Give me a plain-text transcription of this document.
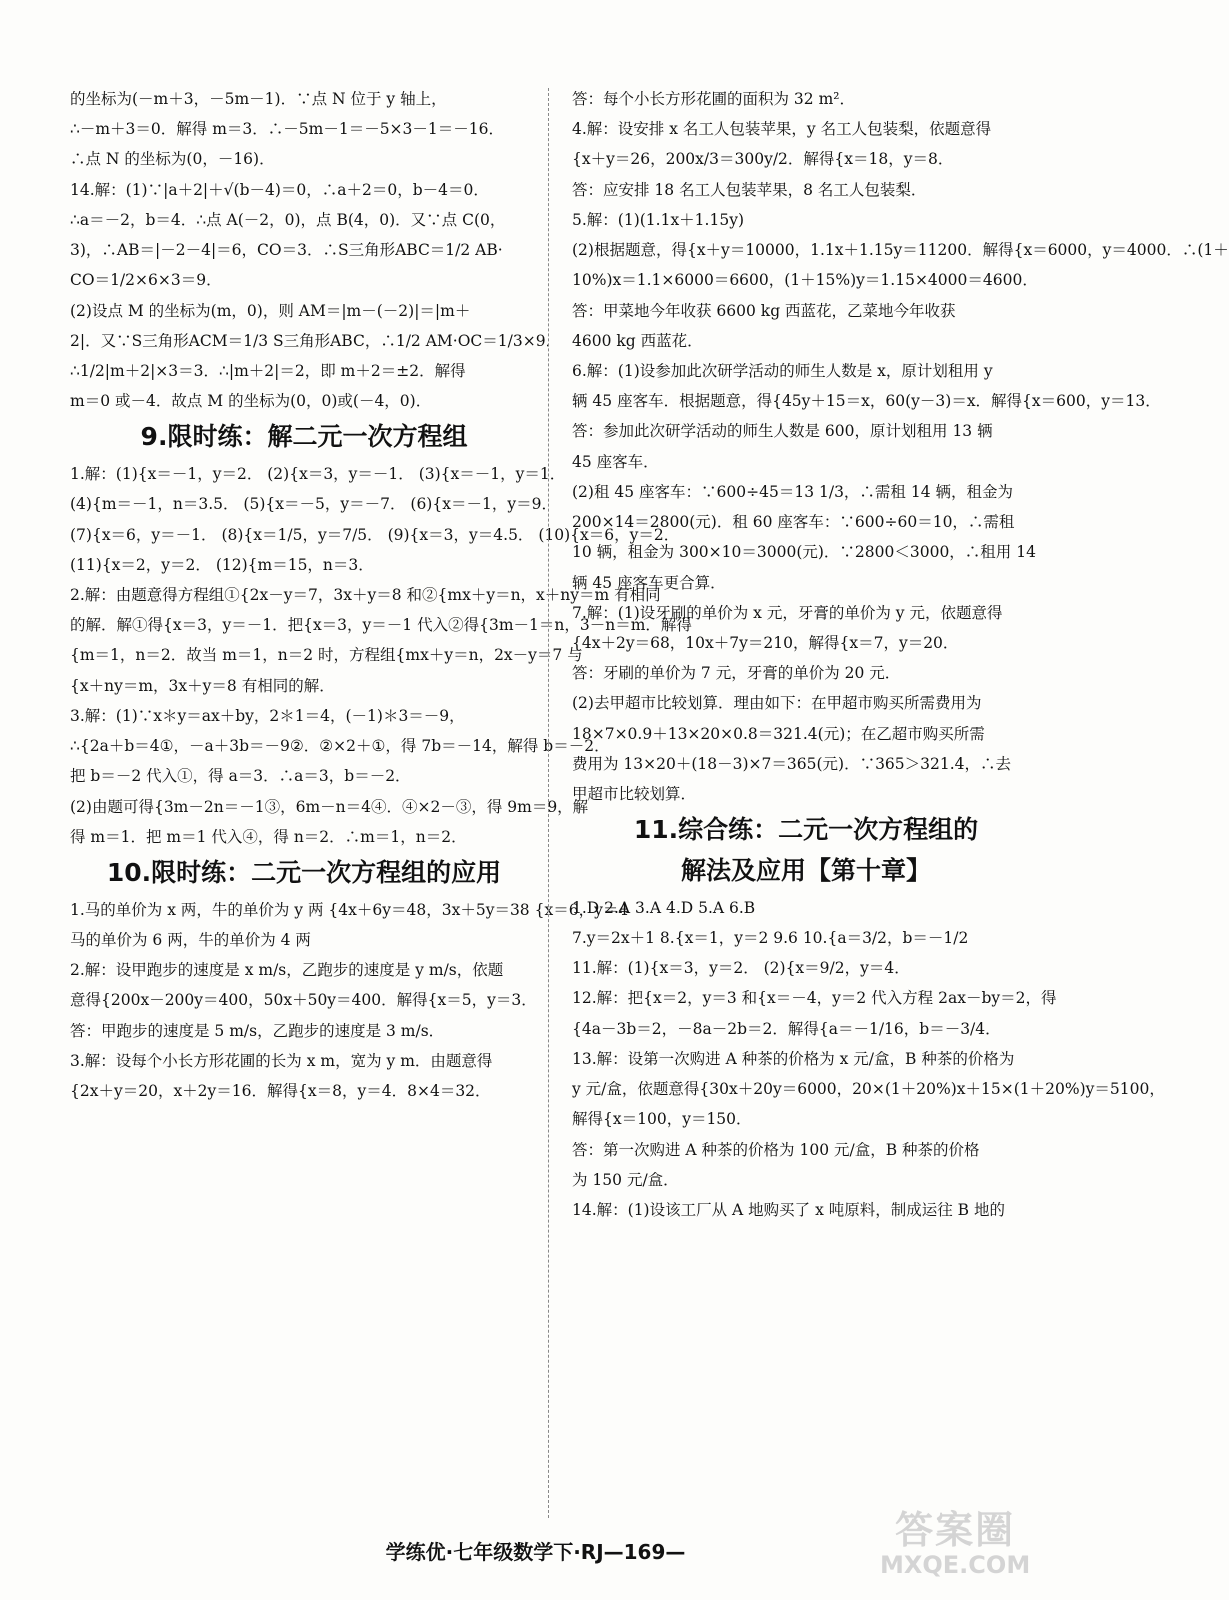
的坐标为(－m＋3，－5m－1)．∵点 N 位于 y 轴上，
∴－m＋3＝0．解得 m＝3．∴－5m－1＝－5×3－1＝－16．
∴点 N 的坐标为(0，－16)．
14.解：(1)∵|a＋2|＋√(b－4)＝0，∴a＋2＝0，b－4＝0．
∴a＝－2，b＝4．∴点 A(－2，0)，点 B(4，0)．又∵点 C(0，
3)，∴AB＝|－2－4|＝6，CO＝3．∴S三角形ABC＝1/2 AB·
CO＝1/2×6×3＝9．
(2)设点 M 的坐标为(m，0)，则 AM＝|m－(－2)|＝|m＋
2|．又∵S三角形ACM＝1/3 S三角形ABC，∴1/2 AM·OC＝1/3×9．
∴1/2|m＋2|×3＝3．∴|m＋2|＝2，即 m＋2＝±2．解得
m＝0 或－4．故点 M 的坐标为(0，0)或(－4，0)．
9.限时练：解二元一次方程组
1.解：(1){x＝－1，y＝2． (2){x＝3，y＝－1． (3){x＝－1，y＝1．
(4){m＝－1，n＝3.5． (5){x＝－5，y＝－7． (6){x＝－1，y＝9．
(7){x＝6，y＝－1． (8){x＝1/5，y＝7/5． (9){x＝3，y＝4.5． (10){x＝6，y＝2．
(11){x＝2，y＝2． (12){m＝15，n＝3．
2.解：由题意得方程组①{2x－y＝7，3x＋y＝8 和②{mx＋y＝n，x＋ny＝m 有相同
的解．解①得{x＝3，y＝－1．把{x＝3，y＝－1 代入②得{3m－1＝n，3－n＝m．解得
{m＝1，n＝2．故当 m＝1，n＝2 时，方程组{mx＋y＝n，2x－y＝7 与
{x＋ny＝m，3x＋y＝8 有相同的解．
3.解：(1)∵x＊y＝ax＋by，2＊1＝4，(－1)＊3＝－9，
∴{2a＋b＝4①，－a＋3b＝－9②．②×2＋①，得 7b＝－14，解得 b＝－2．
把 b＝－2 代入①，得 a＝3．∴a＝3，b＝－2．
(2)由题可得{3m－2n＝－1③，6m－n＝4④．④×2－③，得 9m＝9，解
得 m＝1．把 m＝1 代入④，得 n＝2．∴m＝1，n＝2．
10.限时练：二元一次方程组的应用
1.马的单价为 x 两，牛的单价为 y 两 {4x＋6y＝48，3x＋5y＝38 {x＝6，y＝4
马的单价为 6 两，牛的单价为 4 两
2.解：设甲跑步的速度是 x m/s，乙跑步的速度是 y m/s，依题
意得{200x－200y＝400，50x＋50y＝400．解得{x＝5，y＝3．
答：甲跑步的速度是 5 m/s，乙跑步的速度是 3 m/s．
3.解：设每个小长方形花圃的长为 x m，宽为 y m．由题意得
{2x＋y＝20，x＋2y＝16．解得{x＝8，y＝4．8×4＝32．
答：每个小长方形花圃的面积为 32 m²．
4.解：设安排 x 名工人包装苹果，y 名工人包装梨，依题意得
{x＋y＝26，200x/3＝300y/2．解得{x＝18，y＝8．
答：应安排 18 名工人包装苹果，8 名工人包装梨．
5.解：(1)(1.1x＋1.15y)
(2)根据题意，得{x＋y＝10000，1.1x＋1.15y＝11200．解得{x＝6000，y＝4000．∴(1＋
10%)x＝1.1×6000＝6600，(1＋15%)y＝1.15×4000＝4600．
答：甲菜地今年收获 6600 kg 西蓝花，乙菜地今年收获
4600 kg 西蓝花．
6.解：(1)设参加此次研学活动的师生人数是 x，原计划租用 y
辆 45 座客车．根据题意，得{45y＋15＝x，60(y－3)＝x．解得{x＝600，y＝13．
答：参加此次研学活动的师生人数是 600，原计划租用 13 辆
45 座客车．
(2)租 45 座客车：∵600÷45＝13 1/3，∴需租 14 辆，租金为
200×14＝2800(元)．租 60 座客车：∵600÷60＝10，∴需租
10 辆，租金为 300×10＝3000(元)．∵2800＜3000，∴租用 14
辆 45 座客车更合算．
7.解：(1)设牙刷的单价为 x 元，牙膏的单价为 y 元，依题意得
{4x＋2y＝68，10x＋7y＝210，解得{x＝7，y＝20．
答：牙刷的单价为 7 元，牙膏的单价为 20 元．
(2)去甲超市比较划算．理由如下：在甲超市购买所需费用为
18×7×0.9＋13×20×0.8＝321.4(元)；在乙超市购买所需
费用为 13×20＋(18－3)×7＝365(元)．∵365＞321.4，∴去
甲超市比较划算．
11.综合练：二元一次方程组的
解法及应用【第十章】
1.D 2.A 3.A 4.D 5.A 6.B
7.y＝2x＋1 8.{x＝1，y＝2 9.6 10.{a＝3/2，b＝－1/2
11.解：(1){x＝3，y＝2． (2){x＝9/2，y＝4．
12.解：把{x＝2，y＝3 和{x＝－4，y＝2 代入方程 2ax－by＝2，得
{4a－3b＝2，－8a－2b＝2．解得{a＝－1/16，b＝－3/4．
13.解：设第一次购进 A 种茶的价格为 x 元/盒，B 种茶的价格为
y 元/盒，依题意得{30x＋20y＝6000，20×(1＋20%)x＋15×(1＋20%)y＝5100，
解得{x＝100，y＝150．
答：第一次购进 A 种茶的价格为 100 元/盒，B 种茶的价格
为 150 元/盒．
14.解：(1)设该工厂从 A 地购买了 x 吨原料，制成运往 B 地的
学练优·七年级数学下·RJ—169—	答案圈
MXQE.COM
